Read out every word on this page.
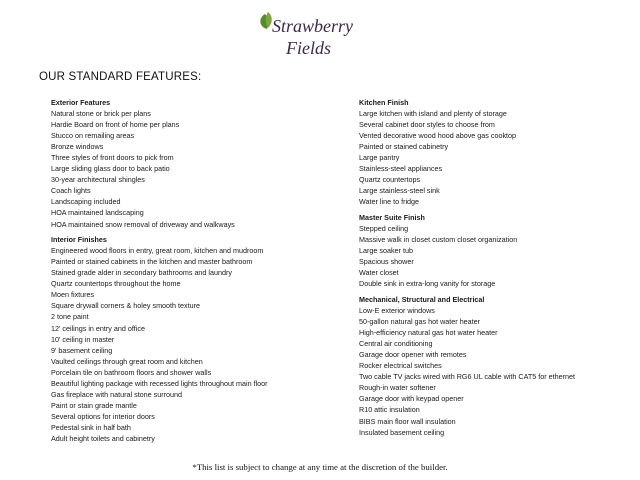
Strawberry
Fields
OUR STANDARD FEATURES:
Exterior Features
Natural stone or brick per plans
Hardie Board on front of home per plans
Stucco on remailing areas
Bronze windows
Three styles of front doors to pick from
Large sliding glass door to back patio
30-year architectural shingles
Coach lights
Landscaping included
HOA maintained landscaping
HOA maintained snow removal of driveway and walkways
Interior Finishes
Engineered wood floors in entry, great room, kitchen and mudroom
Painted or stained cabinets in the kitchen and master bathroom
Stained grade alder in secondary bathrooms and laundry
Quartz countertops throughout the home
Moen fixtures
Square drywall corners & holey smooth texture
2 tone paint
12' ceilings in entry and office
10' ceiling in master
9' basement ceiling
Vaulted ceilings through great room and kitchen
Porcelain tile on bathroom floors and shower walls
Beautiful lighting package with recessed lights throughout main floor
Gas fireplace with natural stone surround
Paint or stain grade mantle
Several options for interior doors
Pedestal sink in half bath
Adult height toilets and cabinetry
Kitchen Finish
Large kitchen with island and plenty of storage
Several cabinet door styles to choose from
Vented decorative wood hood above gas cooktop
Painted or stained cabinetry
Large pantry
Stainless-steel appliances
Quartz countertops
Large stainless-steel sink
Water line to fridge
Master Suite Finish
Stepped ceiling
Massive walk in closet custom closet organization
Large soaker tub
Spacious shower
Water closet
Double sink in extra-long vanity for storage
Mechanical, Structural and Electrical
Low-E exterior windows
50-gallon natural gas hot water heater
High-efficiency natural gas hot water heater
Central air conditioning
Garage door opener with remotes
Rocker electrical switches
Two cable TV jacks wired with RG6 UL cable with CAT5 for ethernet
Rough-in water softener
Garage door with keypad opener
R10 attic insulation
BIBS main floor wall insulation
Insulated basement ceiling
*This list is subject to change at any time at the discretion of the builder.
